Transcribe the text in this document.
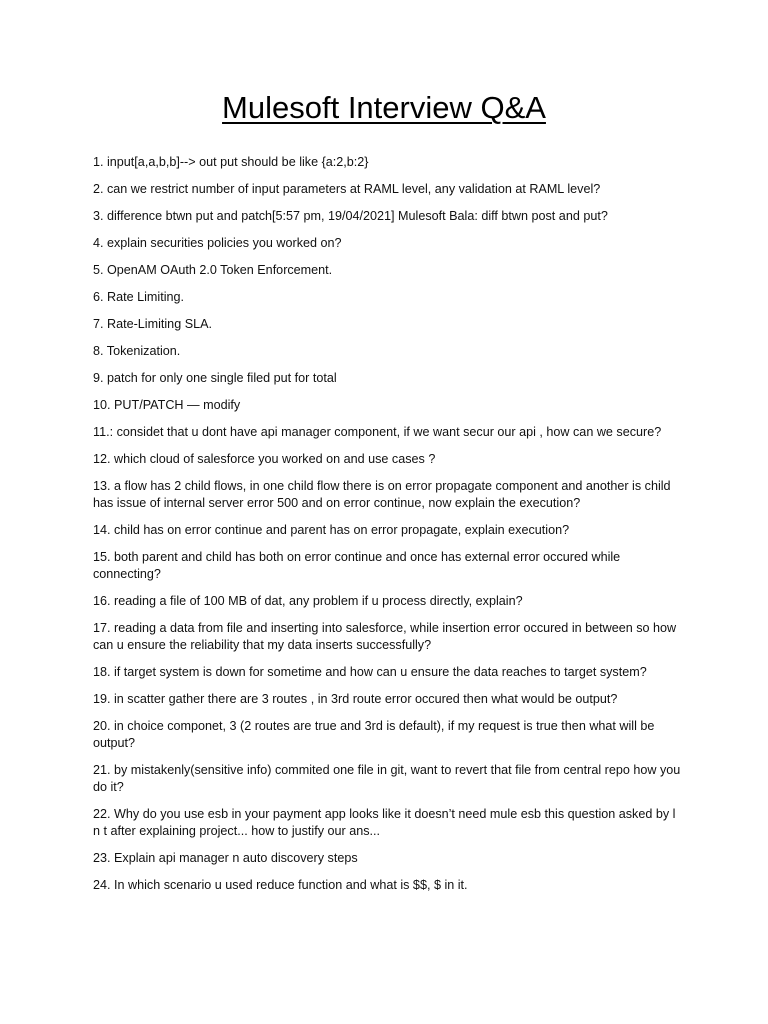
Mulesoft Interview Q&A
1. input[a,a,b,b]--> out put should be like {a:2,b:2}
2. can we restrict number of input parameters at RAML level, any validation at RAML level?
3. difference btwn put and patch[5:57 pm, 19/04/2021] Mulesoft Bala: diff btwn post and put?
4. explain securities policies you worked on?
5. OpenAM OAuth 2.0 Token Enforcement.
6. Rate Limiting.
7. Rate-Limiting SLA.
8. Tokenization.
9. patch for only one single filed put for total
10. PUT/PATCH — modify
11.: considet that u dont have api manager component, if we want secur our api , how can we secure?
12. which cloud of salesforce you worked on and use cases ?
13. a flow has 2 child flows, in one child flow there is on error propagate component and another is child has issue of internal server error 500 and on error continue, now explain the execution?
14. child has on error continue and parent has on error propagate, explain execution?
15. both parent and child has both on error continue and once has external error occured while connecting?
16. reading a file of 100 MB of dat, any problem if u process directly, explain?
17. reading a data from file and inserting into salesforce, while insertion error occured in between so how can u ensure the reliability that my data inserts successfully?
18. if target system is down for sometime and how can u ensure the data reaches to target system?
19. in scatter gather there are 3 routes , in 3rd route error occured then what would be output?
20. in choice componet, 3 (2 routes are true and 3rd is default), if my request is true then what will be output?
21. by mistakenly(sensitive info) commited one file in git, want to revert that file from central repo how you do it?
22. Why do you use esb in your payment app looks like it doesn’t need mule esb this question asked by l n t after explaining project... how to justify our ans...
23. Explain api manager n auto discovery steps
24. In which scenario u used reduce function and what is $$, $ in it.
